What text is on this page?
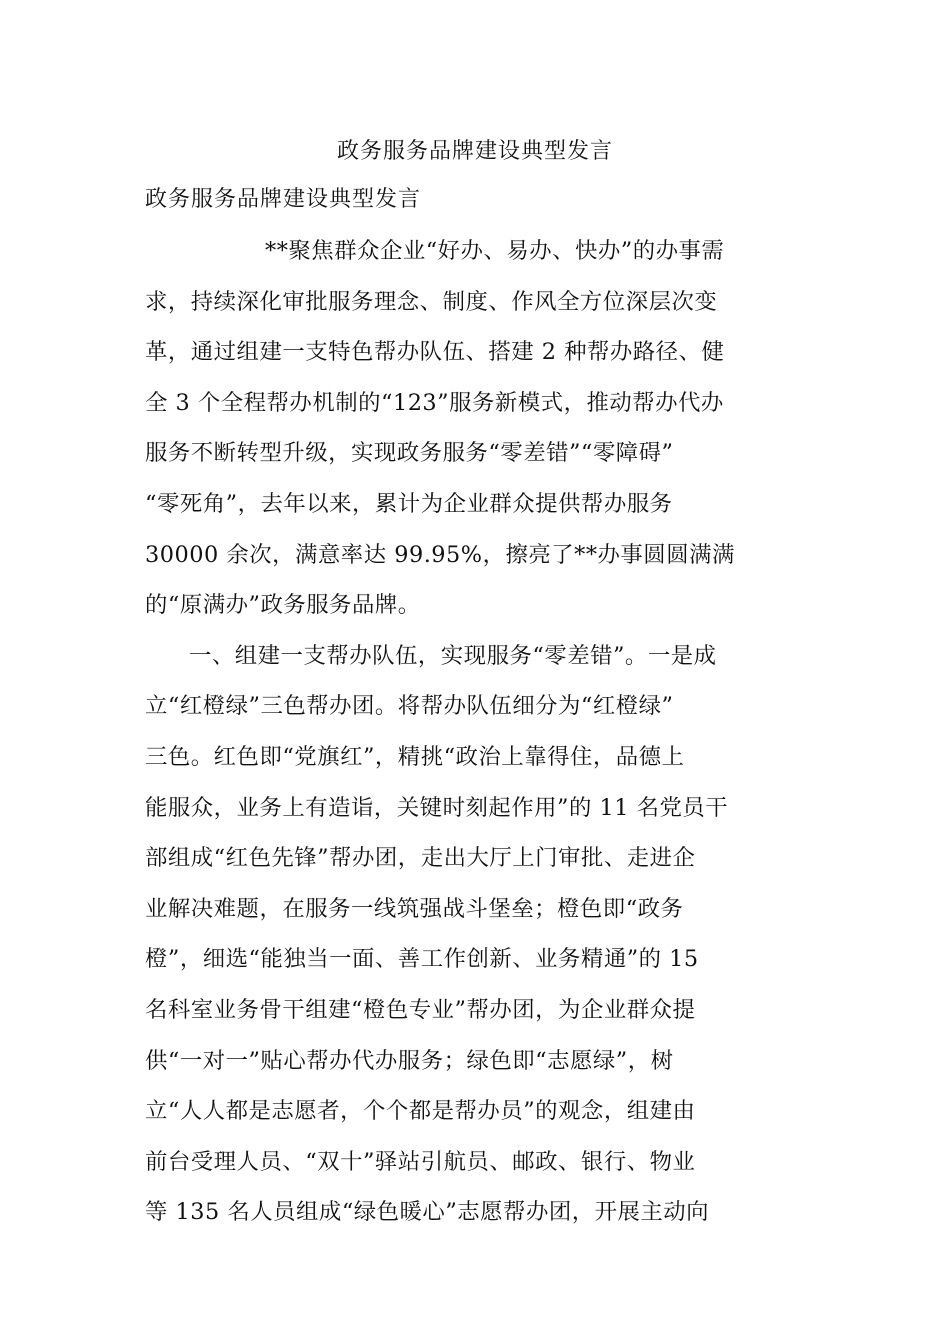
政务服务品牌建设典型发言
政务服务品牌建设典型发言
**聚焦群众企业“好办、易办、快办”的办事需
求，持续深化审批服务理念、制度、作风全方位深层次变
革，通过组建一支特色帮办队伍、搭建 2 种帮办路径、健
全 3 个全程帮办机制的“123”服务新模式，推动帮办代办
服务不断转型升级，实现政务服务“零差错”“零障碍”
“零死角”，去年以来，累计为企业群众提供帮办服务
30000 余次，满意率达 99.95%，擦亮了**办事圆圆满满
的“原满办”政务服务品牌。
一、组建一支帮办队伍，实现服务“零差错”。一是成
立“红橙绿”三色帮办团。将帮办队伍细分为“红橙绿”
三色。红色即“党旗红”，精挑“政治上靠得住，品德上
能服众，业务上有造诣，关键时刻起作用”的 11 名党员干
部组成“红色先锋”帮办团，走出大厅上门审批、走进企
业解决难题，在服务一线筑强战斗堡垒；橙色即“政务
橙”，细选“能独当一面、善工作创新、业务精通”的 15
名科室业务骨干组建“橙色专业”帮办团，为企业群众提
供“一对一”贴心帮办代办服务；绿色即“志愿绿”，树
立“人人都是志愿者，个个都是帮办员”的观念，组建由
前台受理人员、“双十”驿站引航员、邮政、银行、物业
等 135 名人员组成“绿色暖心”志愿帮办团，开展主动向
